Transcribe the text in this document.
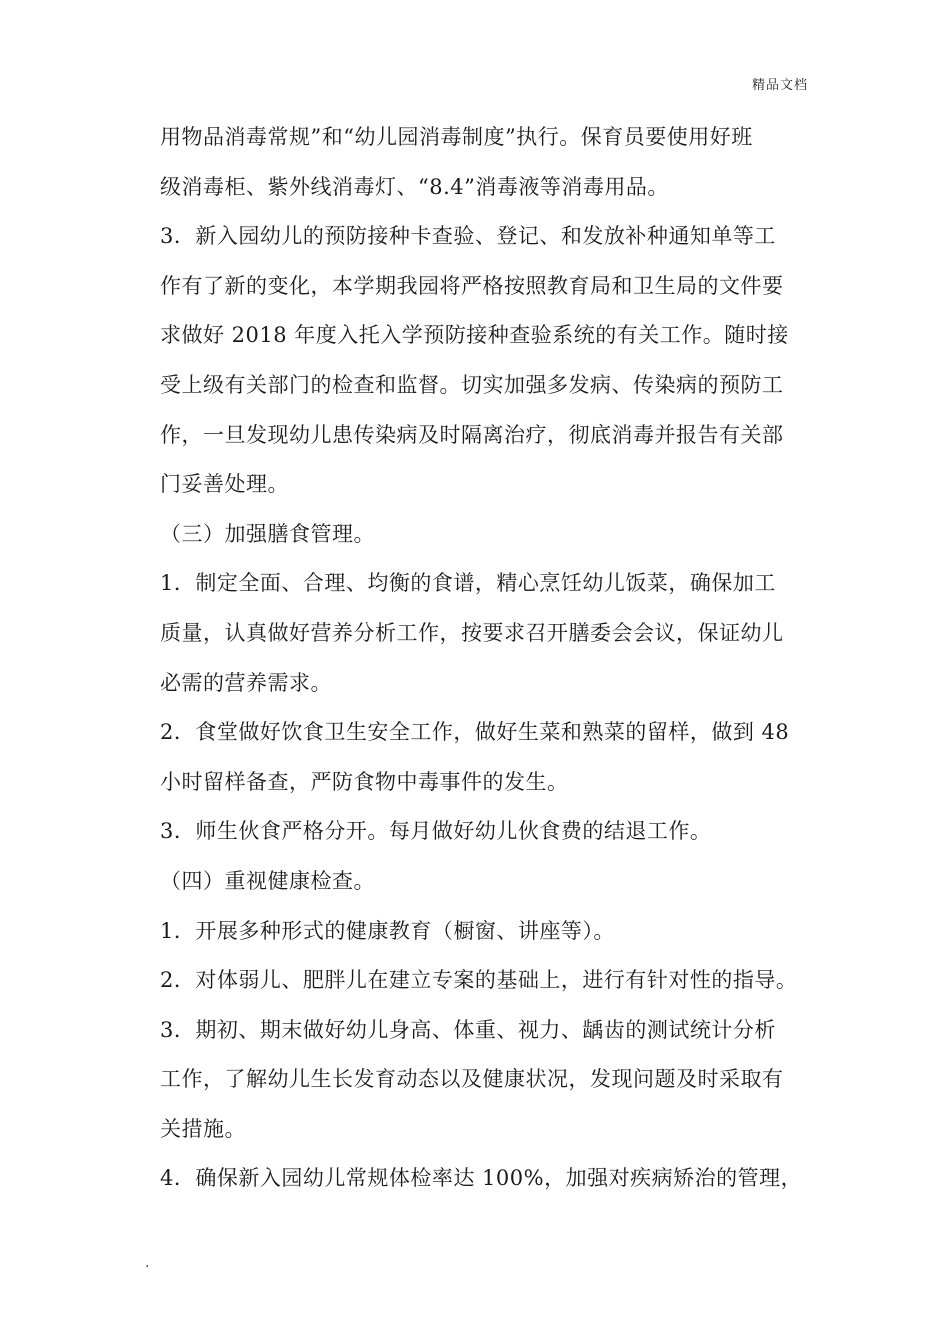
精品文档
用物品消毒常规”和“幼儿园消毒制度”执行。保育员要使用好班
级消毒柜、紫外线消毒灯、“8.4”消毒液等消毒用品。
3．新入园幼儿的预防接种卡查验、登记、和发放补种通知单等工
作有了新的变化，本学期我园将严格按照教育局和卫生局的文件要
求做好 2018 年度入托入学预防接种查验系统的有关工作。随时接
受上级有关部门的检查和监督。切实加强多发病、传染病的预防工
作，一旦发现幼儿患传染病及时隔离治疗，彻底消毒并报告有关部
门妥善处理。
（三）加强膳食管理。
1．制定全面、合理、均衡的食谱，精心烹饪幼儿饭菜，确保加工
质量，认真做好营养分析工作，按要求召开膳委会会议，保证幼儿
必需的营养需求。
2．食堂做好饮食卫生安全工作，做好生菜和熟菜的留样，做到 48
小时留样备查，严防食物中毒事件的发生。
3．师生伙食严格分开。每月做好幼儿伙食费的结退工作。
（四）重视健康检查。
1．开展多种形式的健康教育（橱窗、讲座等）。
2．对体弱儿、肥胖儿在建立专案的基础上，进行有针对性的指导。
3．期初、期末做好幼儿身高、体重、视力、龋齿的测试统计分析
工作，了解幼儿生长发育动态以及健康状况，发现问题及时采取有
关措施。
4．确保新入园幼儿常规体检率达 100%，加强对疾病矫治的管理，
.
